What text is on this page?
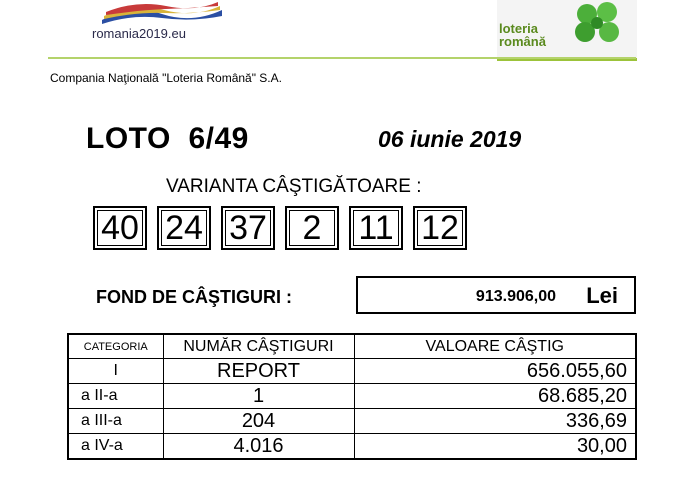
romania2019.eu	loteria
română
Compania Naţională "Loteria Română" S.A.
LOTO  6/49	06 iunie 2019
VARIANTA CÂŞTIGĂTOARE :
40 24 37 2 11 12
FOND DE CÂŞTIGURI :	913.906,00 Lei
CATEGORIA	NUMĂR CÂŞTIGURI	VALOARE CÂŞTIG
I	REPORT	656.055,60
a II-a	1	68.685,20
a III-a	204	336,69
a IV-a	4.016	30,00
